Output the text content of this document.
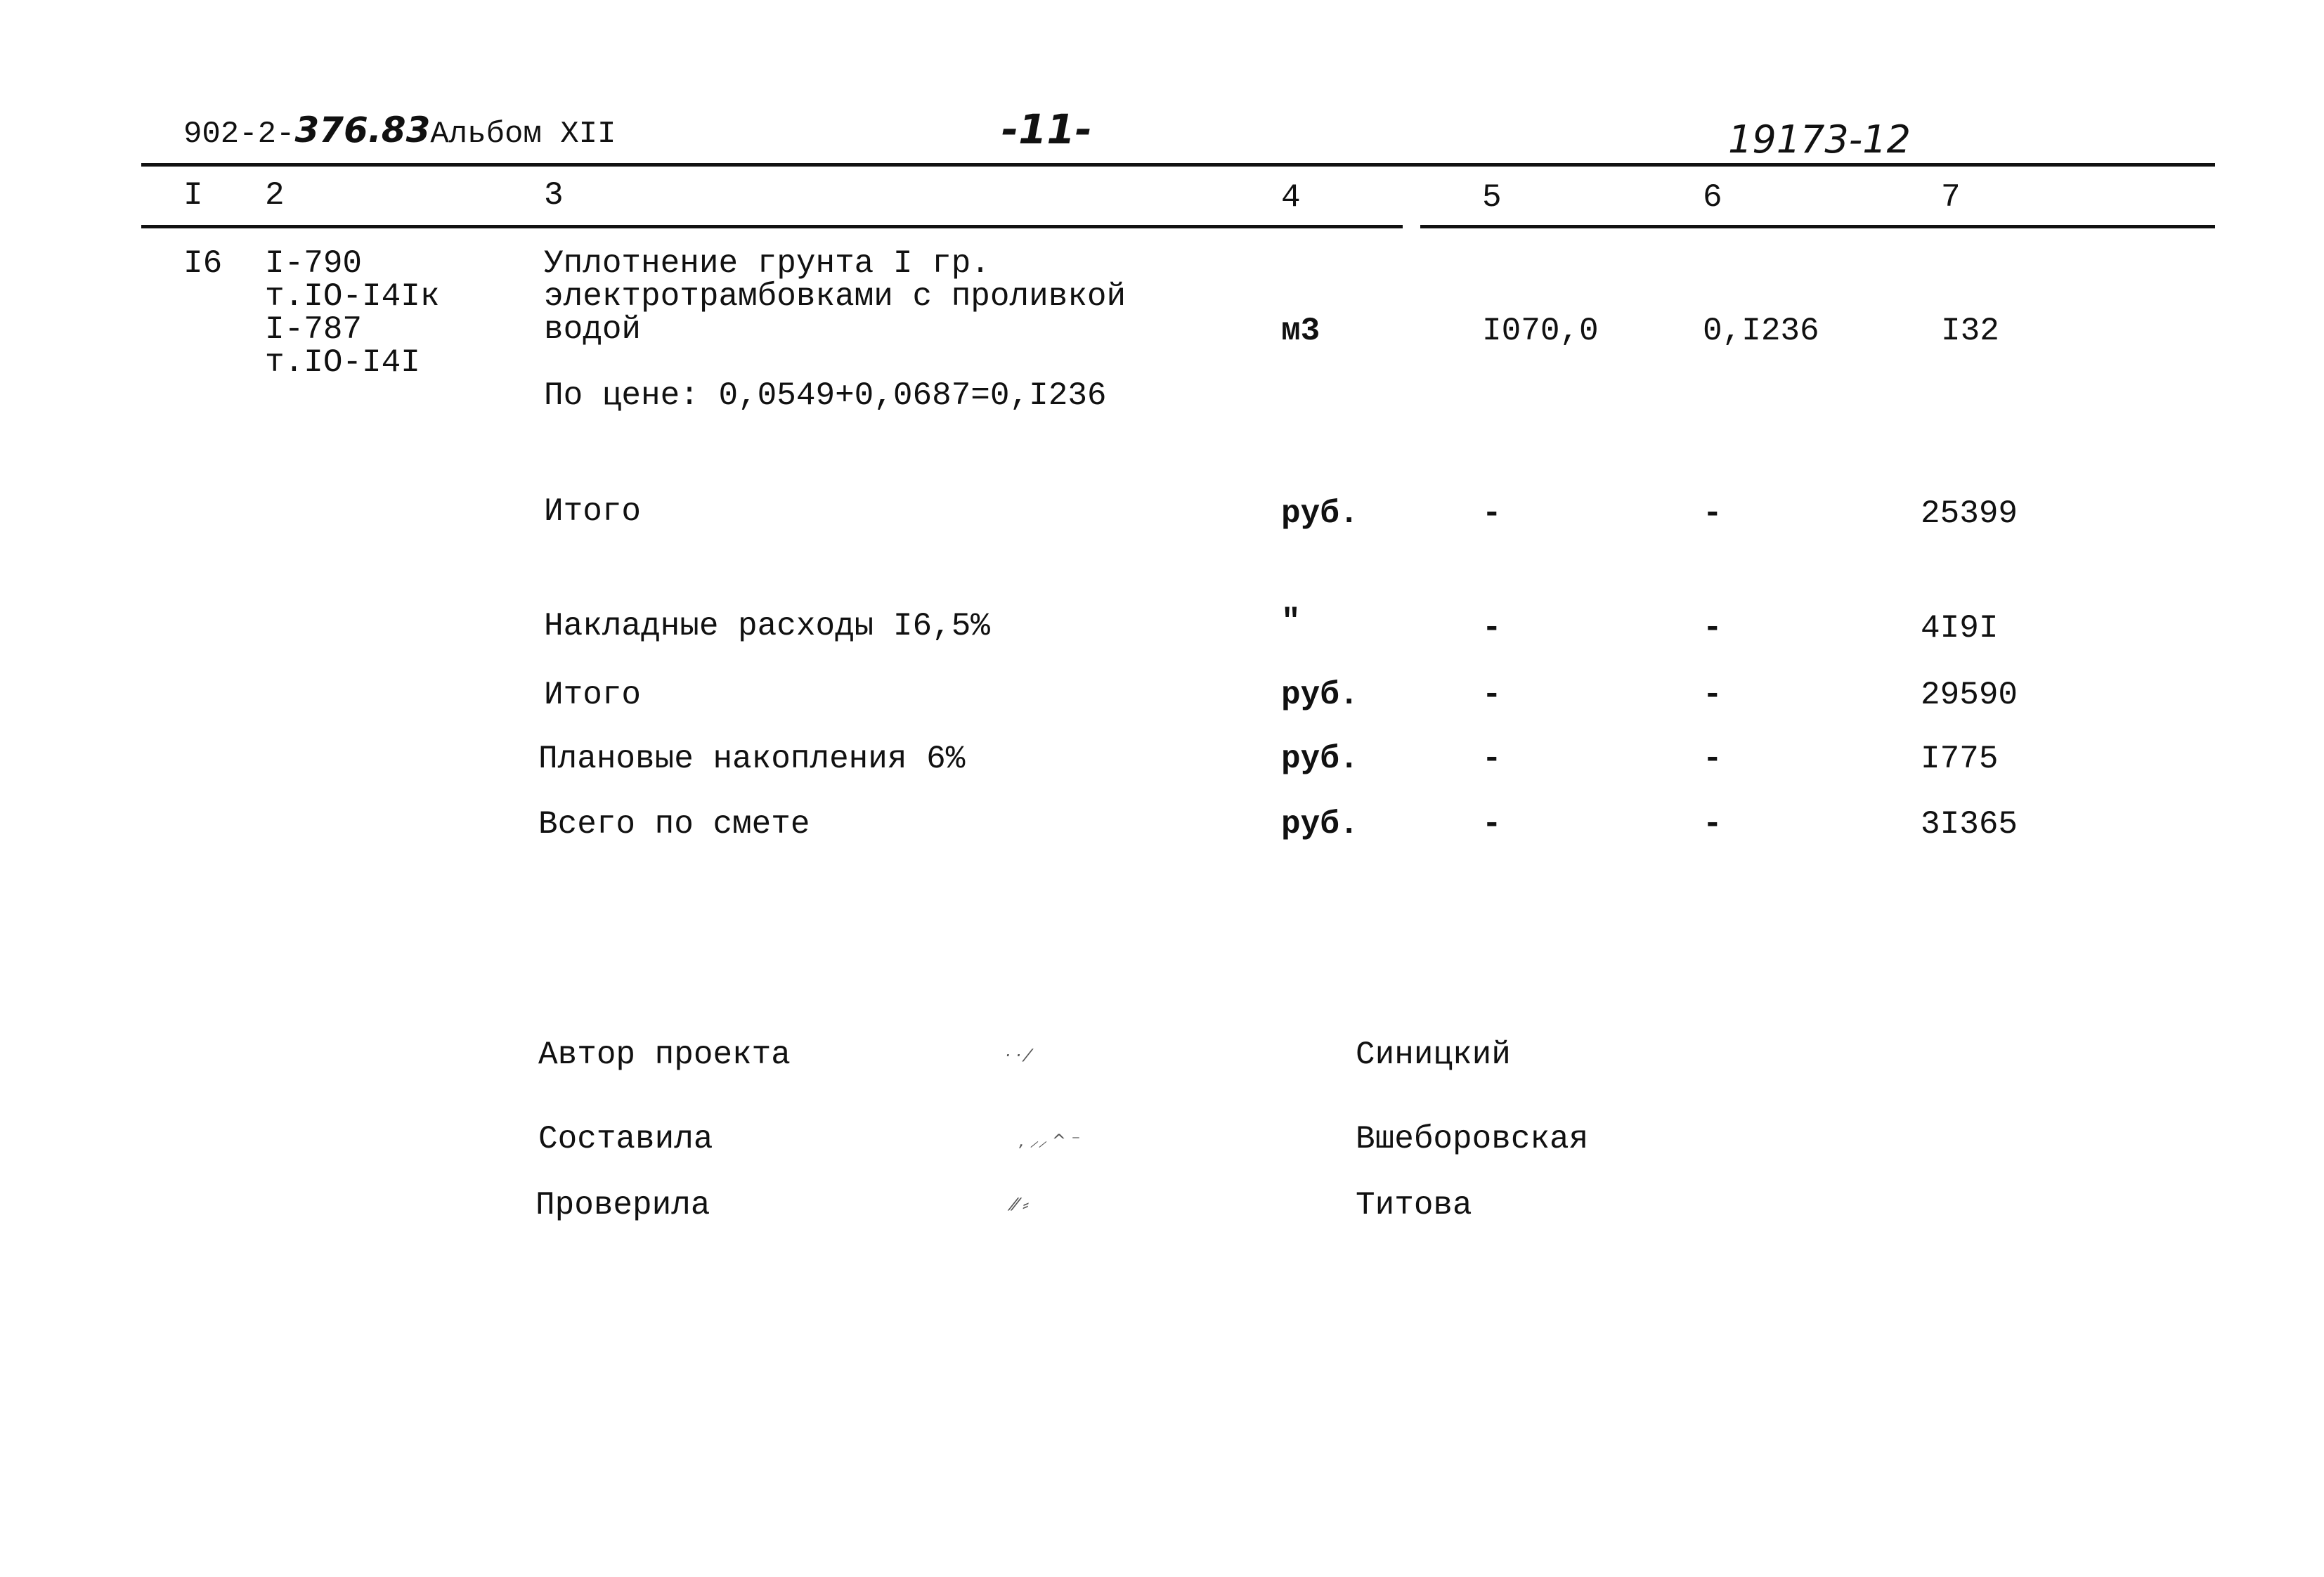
902-2-376.83Альбом XII	-11-	19173-12
I 2	3	4	5	6	7
I6 I-790
т.IO-I4Iк
I-787
т.IO-I4I
Уплотнение грунта I гр.
электротрамбовками с проливкой
водой	м3	I070,0	0,I236	I32
По цене: 0,0549+0,0687=0,I236
Итого	руб.	-	-	25399
Накладные расходы I6,5%	"	-	-	4I9I
Итого	руб.	-	-	29590
Плановые накопления 6%	руб.	-	-	I775
Всего по смете	руб.	-	-	3I365
Автор проекта	· · ⁄	Синицкий
Составила	, ⸝⸝ ^ ⁻	Вшеборовская
Проверила	⁄⁄ ⸗	Титова
